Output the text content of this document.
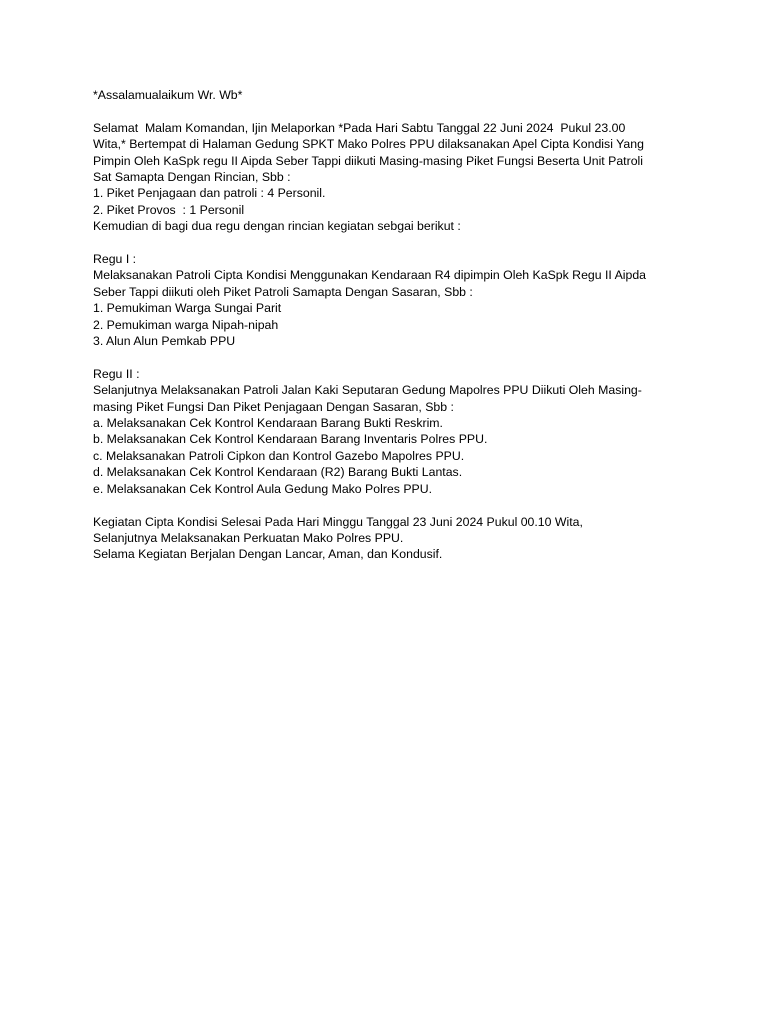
*Assalamualaikum Wr. Wb*
Selamat  Malam Komandan, Ijin Melaporkan *Pada Hari Sabtu Tanggal 22 Juni 2024  Pukul 23.00
Wita,* Bertempat di Halaman Gedung SPKT Mako Polres PPU dilaksanakan Apel Cipta Kondisi Yang
Pimpin Oleh KaSpk regu II Aipda Seber Tappi diikuti Masing-masing Piket Fungsi Beserta Unit Patroli
Sat Samapta Dengan Rincian, Sbb :
1. Piket Penjagaan dan patroli : 4 Personil.
2. Piket Provos  : 1 Personil
Kemudian di bagi dua regu dengan rincian kegiatan sebgai berikut :
Regu I :
Melaksanakan Patroli Cipta Kondisi Menggunakan Kendaraan R4 dipimpin Oleh KaSpk Regu II Aipda
Seber Tappi diikuti oleh Piket Patroli Samapta Dengan Sasaran, Sbb :
1. Pemukiman Warga Sungai Parit
2. Pemukiman warga Nipah-nipah
3. Alun Alun Pemkab PPU
Regu II :
Selanjutnya Melaksanakan Patroli Jalan Kaki Seputaran Gedung Mapolres PPU Diikuti Oleh Masing-
masing Piket Fungsi Dan Piket Penjagaan Dengan Sasaran, Sbb :
a. Melaksanakan Cek Kontrol Kendaraan Barang Bukti Reskrim.
b. Melaksanakan Cek Kontrol Kendaraan Barang Inventaris Polres PPU.
c. Melaksanakan Patroli Cipkon dan Kontrol Gazebo Mapolres PPU.
d. Melaksanakan Cek Kontrol Kendaraan (R2) Barang Bukti Lantas.
e. Melaksanakan Cek Kontrol Aula Gedung Mako Polres PPU.
Kegiatan Cipta Kondisi Selesai Pada Hari Minggu Tanggal 23 Juni 2024 Pukul 00.10 Wita,
Selanjutnya Melaksanakan Perkuatan Mako Polres PPU.
Selama Kegiatan Berjalan Dengan Lancar, Aman, dan Kondusif.
